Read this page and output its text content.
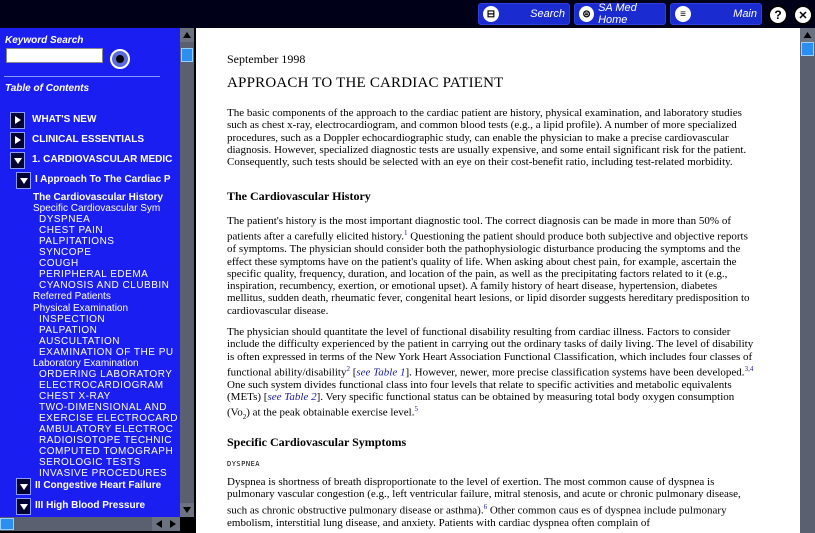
⊟	Search	⊜ SA Med Home	≡	Main	?	✕
Keyword Search
Table of Contents
WHAT'S NEW
CLINICAL ESSENTIALS
1. CARDIOVASCULAR MEDIC
I Approach To The Cardiac P
The Cardiovascular History
Specific Cardiovascular Sym
DYSPNEA
CHEST PAIN
PALPITATIONS
SYNCOPE
COUGH
PERIPHERAL EDEMA
CYANOSIS AND CLUBBIN
Referred Patients
Physical Examination
INSPECTION
PALPATION
AUSCULTATION
EXAMINATION OF THE PU
Laboratory Examination
ORDERING LABORATORY
ELECTROCARDIOGRAM
CHEST X-RAY
TWO-DIMENSIONAL AND
EXERCISE ELECTROCARD
AMBULATORY ELECTROC
RADIOISOTOPE TECHNIC
COMPUTED TOMOGRAPH
SEROLOGIC TESTS
INVASIVE PROCEDURES
II Congestive Heart Failure
III High Blood Pressure
September 1998
APPROACH TO THE CARDIAC PATIENT
The basic components of the approach to the cardiac patient are history, physical examination, and laboratory studies such as chest x-ray, electrocardiogram, and common blood tests (e.g., a lipid profile). A number of more specialized procedures, such as a Doppler echocardiographic study, can enable the physician to make a precise cardiovascular diagnosis. However, specialized diagnostic tests are usually expensive, and some entail significant risk for the patient. Consequently, such tests should be selected with an eye on their cost-benefit ratio, including test-related morbidity.
The Cardiovascular History
The patient's history is the most important diagnostic tool. The correct diagnosis can be made in more than 50% of patients after a carefully elicited history.$^1$ Questioning the patient should produce both subjective and objective reports of symptoms. The physician should consider both the pathophysiologic disturbance producing the symptoms and the effect these symptoms have on the patient's quality of life. When asking about chest pain, for example, ascertain the specific quality, frequency, duration, and location of the pain, as well as the precipitating factors related to it (e.g., inspiration, recumbency, exertion, or emotional upset). A family history of heart disease, hypertension, diabetes mellitus, sudden death, rheumatic fever, congenital heart lesions, or lipid disorder suggests hereditary predisposition to cardiovascular disease.
The physician should quantitate the level of functional disability resulting from cardiac illness. Factors to consider include the difficulty experienced by the patient in carrying out the ordinary tasks of daily living. The level of disability is often expressed in terms of the New York Heart Association Functional Classification, which includes four classes of functional ability/disability$^2$ [see Table 1]. However, newer, more precise classification systems have been developed.$^{3,4}$ One such system divides functional class into four levels that relate to specific activities and metabolic equivalents (METs) [see Table 2]. Very specific functional status can be obtained by measuring total body oxygen consumption $(Vo_2)$ at the peak obtainable exercise level.$^5$
Specific Cardiovascular Symptoms
DYSPNEA
Dyspnea is shortness of breath disproportionate to the level of exertion. The most common cause of dyspnea is pulmonary vascular congestion (e.g., left ventricular failure, mitral stenosis, and acute or chronic pulmonary disease, such as chronic obstructive pulmonary disease or asthma).$^6$ Other common caus es of dyspnea include pulmonary embolism, interstitial lung disease, and anxiety. Patients with cardiac dyspnea often complain of
